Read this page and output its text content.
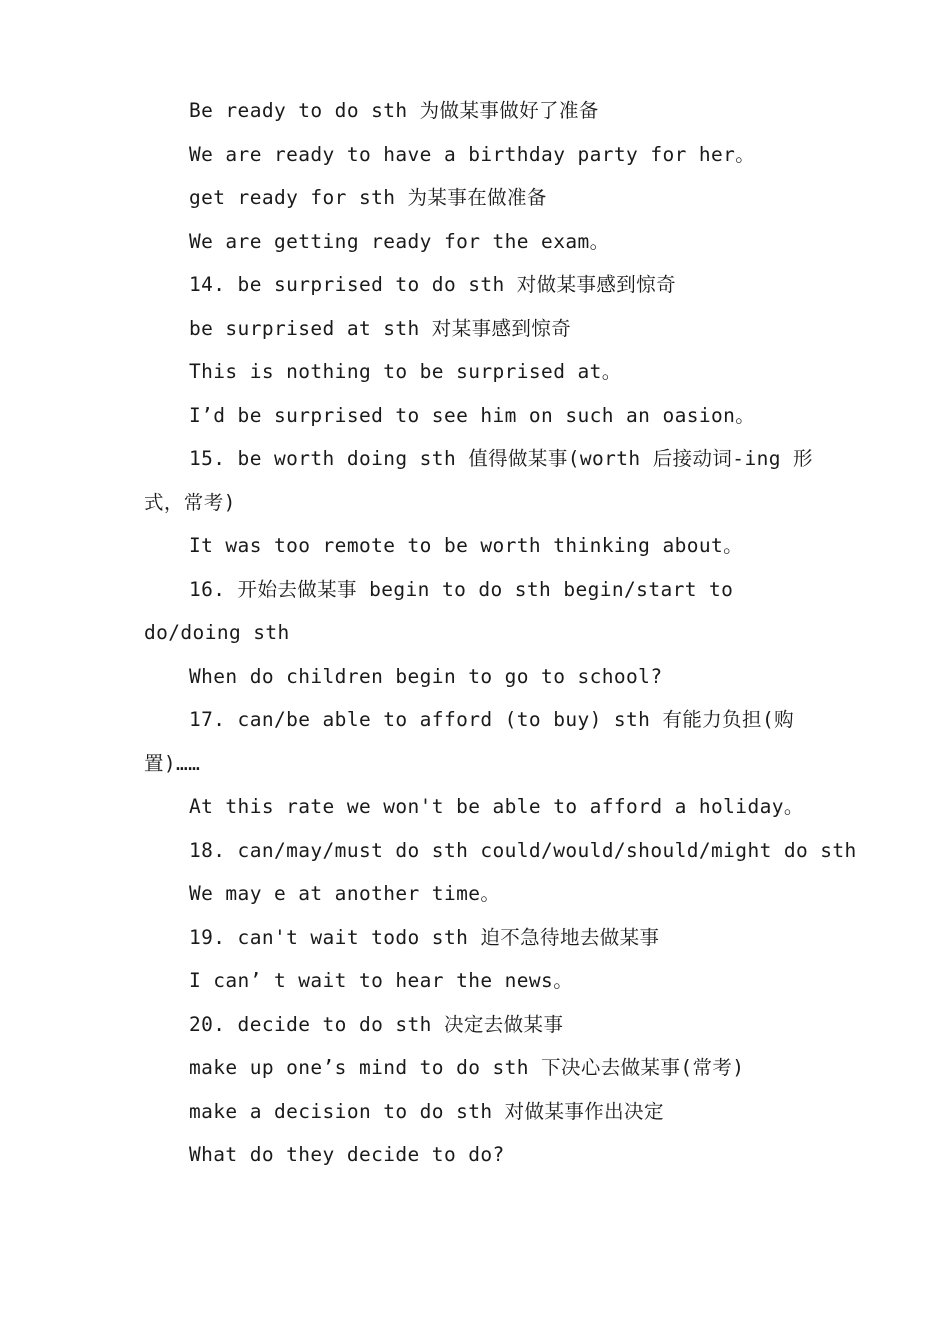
Be ready to do sth 为做某事做好了准备
We are ready to have a birthday party for her。
get ready for sth 为某事在做准备
We are getting ready for the exam。
14. be surprised to do sth 对做某事感到惊奇
be surprised at sth 对某事感到惊奇
This is nothing to be surprised at。
I’d be surprised to see him on such an oasion。
15. be worth doing sth 值得做某事(worth 后接动词-ing 形
式，常考)
It was too remote to be worth thinking about。
16. 开始去做某事 begin to do sth begin/start to
do/doing sth
When do children begin to go to school?
17. can/be able to afford (to buy) sth 有能力负担(购
置)……
At this rate we won't be able to afford a holiday。
18. can/may/must do sth could/would/should/might do sth
We may e at another time。
19. can't wait todo sth 迫不急待地去做某事
I can’ t wait to hear the news。
20. decide to do sth 决定去做某事
make up one’s mind to do sth 下决心去做某事(常考)
make a decision to do sth 对做某事作出决定
What do they decide to do?
